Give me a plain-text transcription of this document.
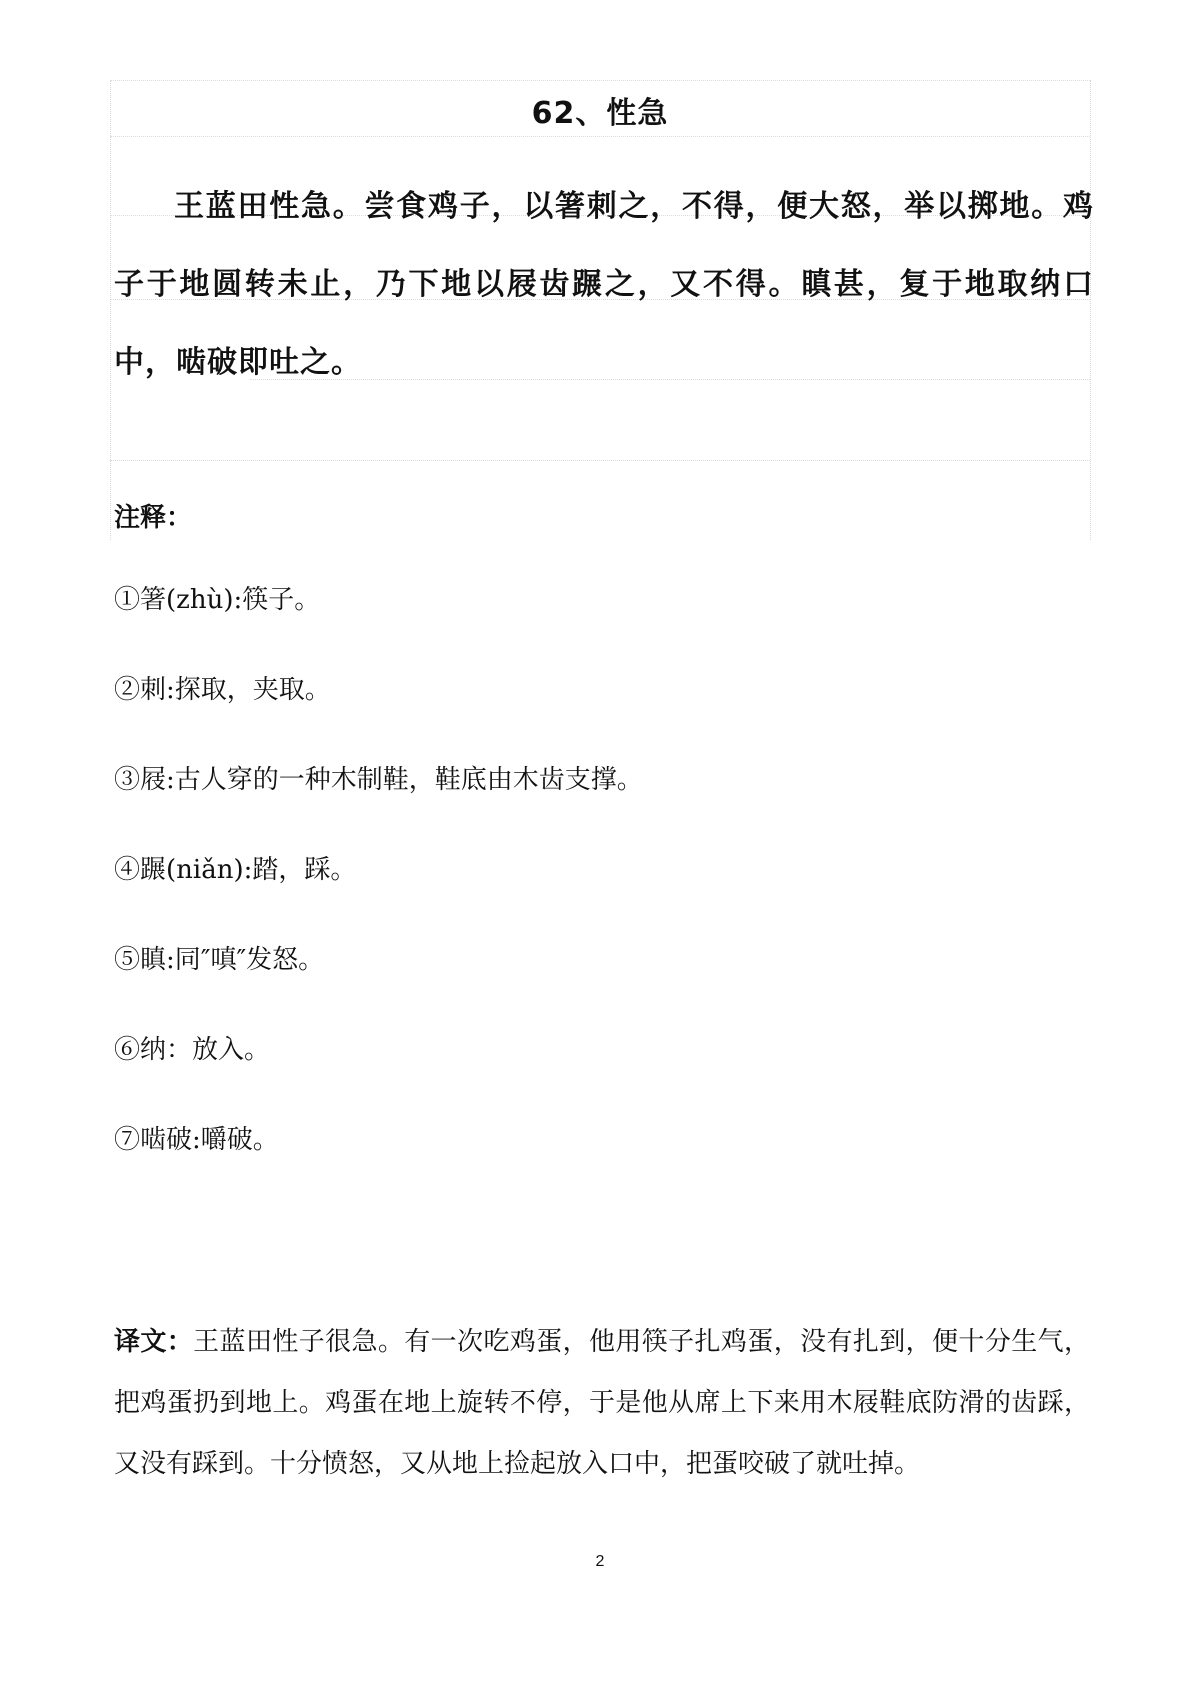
62、性急
王蓝田性急。尝食鸡子，以箸刺之，不得，便大怒，举以掷地。鸡子于地圆转未止，乃下地以屐齿蹍之，又不得。瞋甚，复于地取纳口中，啮破即吐之。
注释：
①箸(zhù):筷子。
②刺:探取，夹取。
③屐:古人穿的一种木制鞋，鞋底由木齿支撑。
④蹍(niǎn):踏，踩。
⑤瞋:同″嗔″发怒。
⑥纳：放入。
⑦啮破:嚼破。

译文：王蓝田性子很急。有一次吃鸡蛋，他用筷子扎鸡蛋，没有扎到，便十分生气，把鸡蛋扔到地上。鸡蛋在地上旋转不停，于是他从席上下来用木屐鞋底防滑的齿踩，又没有踩到。十分愤怒，又从地上捡起放入口中，把蛋咬破了就吐掉。

2
